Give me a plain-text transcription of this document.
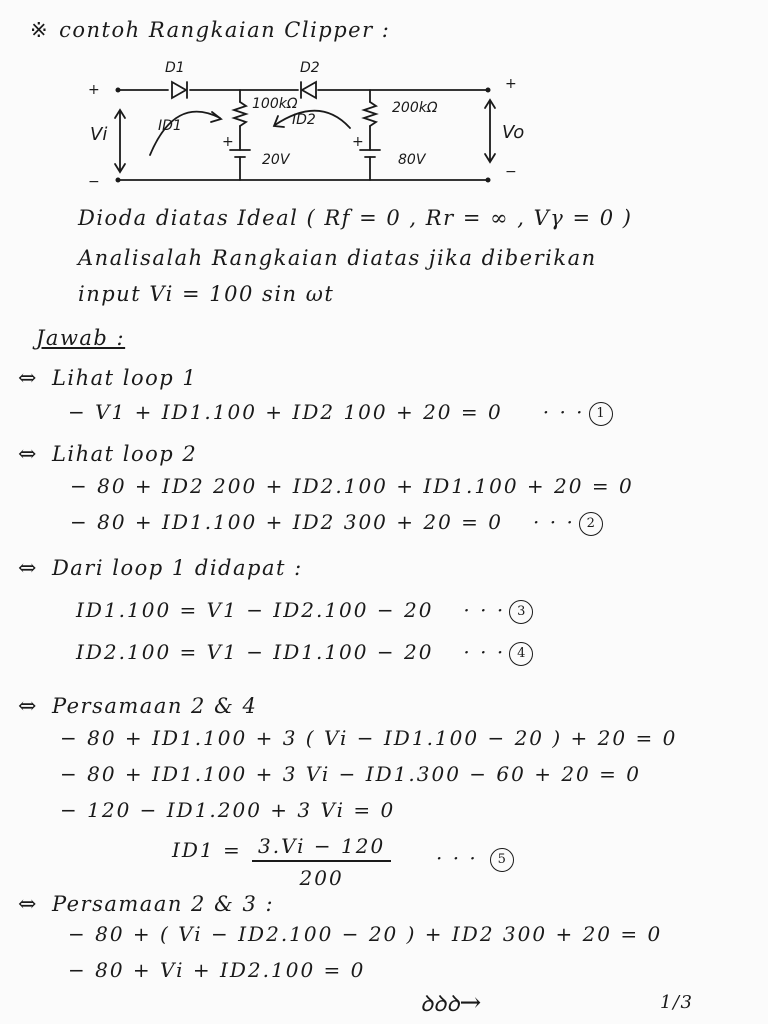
※ contoh Rangkaian Clipper :
D1	D2
100kΩ	200kΩ
20V	80V
+	+
Vi	Vo
ID1	ID2
+
−
+
−
Dioda diatas Ideal ( Rf = 0 , Rr = ∞ , Vγ = 0 )
Analisalah Rangkaian diatas jika diberikan
input Vi = 100 sin ωt
Jawab :
⇔ Lihat loop 1
− V1 + ID1.100 + ID2 100 + 20 = 0 · · · 1
⇔ Lihat loop 2
− 80 + ID2 200 + ID2.100 + ID1.100 + 20 = 0
− 80 + ID1.100 + ID2 300 + 20 = 0 · · · 2
⇔ Dari loop 1 didapat :
ID1.100 = V1 − ID2.100 − 20 · · · 3
ID2.100 = V1 − ID1.100 − 20 · · · 4
⇔ Persamaan 2 & 4
− 80 + ID1.100 + 3 ( Vi − ID1.100 − 20 ) + 20 = 0
− 80 + ID1.100 + 3 Vi − ID1.300 − 60 + 20 = 0
− 120 − ID1.200 + 3 Vi = 0
$ID1 = \frac{3.Vi - 120}{200}$ · · · 5
⇔ Persamaan 2 & 3 :
− 80 + ( Vi − ID2.100 − 20 ) + ID2 300 + 20 = 0
− 80 + Vi + ID2.100 = 0
ꝺꝺꝺ→	1/3
